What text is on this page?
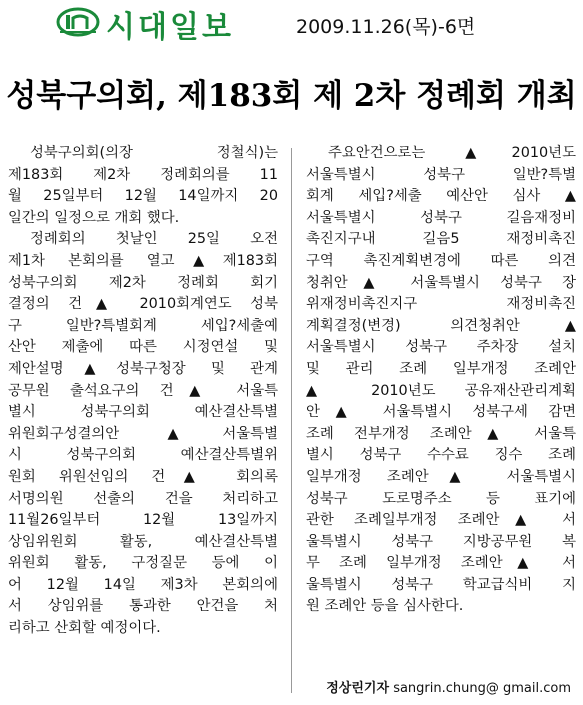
시대일보	2009.11.26(목)-6면
성북구의회, 제183회 제 2차 정례회 개최
성북구의회(의장 정철식)는
제183회 제2차 정례회의를 11
월 25일부터 12월 14일까지 20
일간의 일정으로 개회 했다.
정례회의 첫날인 25일 오전
제1차 본회의를 열고▲제183회
성북구의회 제2차 정례회 회기
결정의 건▲ 2010회계연도 성북
구 일반?특별회계 세입?세출예
산안 제출에 따른 시정연설 및
제안설명▲성북구청장 및 관계
공무원 출석요구의 건▲ 서울특
별시 성북구의회 예산결산특별
위원회구성결의안 ▲서울특별
시 성북구의회 예산결산특별위
원회 위원선임의 건▲ 회의록
서명의원 선출의 건을 처리하고
11월26일부터 12월 13일까지
상임위원회 활동, 예산결산특별
위원회 활동, 구정질문 등에 이
어 12월 14일 제3차 본회의에
서 상임위를 통과한 안건을 처
리하고 산회할 예정이다.
주요안건으로는 ▲2010년도
서울특별시 성북구 일반?특별
회계 세입?세출 예산안 심사 ▲
서울특별시 성북구 길음재정비
촉진지구내 길음5 재정비촉진
구역 촉진계획변경에 따른 의견
청취안▲ 서울특별시 성북구 장
위재정비촉진지구 재정비촉진
계획결정(변경) 의견청취안▲
서울특별시 성북구 주차장 설치
및 관리 조례 일부개정 조례안
▲ 2010년도 공유재산관리계획
안▲ 서울특별시 성북구세 감면
조례 전부개정 조례안▲ 서울특
별시 성북구 수수료 징수 조례
일부개정 조례안▲ 서울특별시
성북구 도로명주소 등 표기에
관한 조례일부개정 조례안▲ 서
울특별시 성북구 지방공무원 복
무 조례 일부개정 조례안▲ 서
울특별시 성북구 학교급식비 지
원 조례안 등을 심사한다.
정상린기자 sangrin.chung@ gmail.com
